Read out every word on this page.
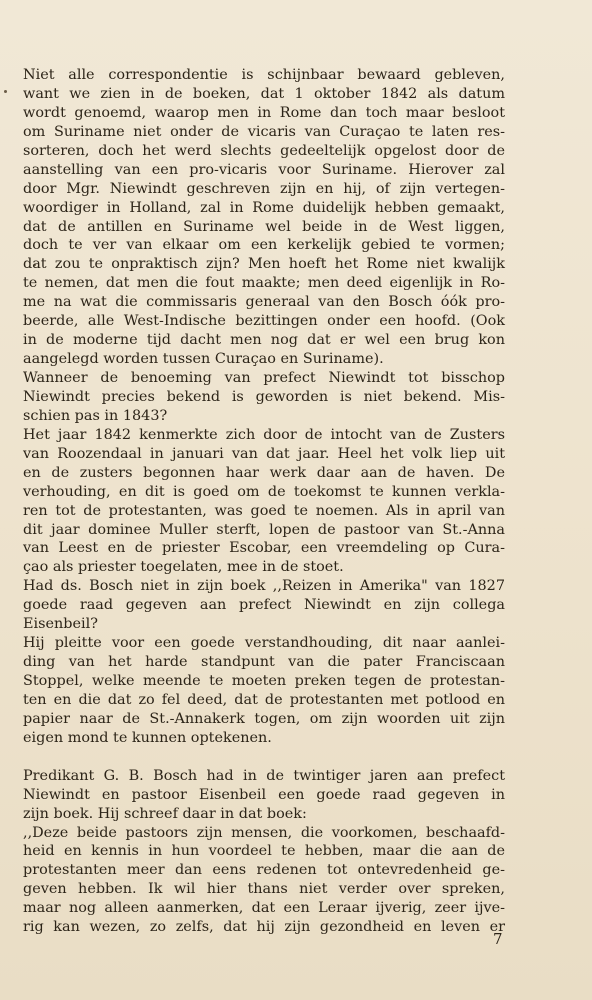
Niet alle correspondentie is schijnbaar bewaard gebleven,
want we zien in de boeken, dat 1 oktober 1842 als datum
wordt genoemd, waarop men in Rome dan toch maar besloot
om Suriname niet onder de vicaris van Curaçao te laten res-
sorteren, doch het werd slechts gedeeltelijk opgelost door de
aanstelling van een pro-vicaris voor Suriname. Hierover zal
door Mgr. Niewindt geschreven zijn en hij, of zijn vertegen-
woordiger in Holland, zal in Rome duidelijk hebben gemaakt,
dat de antillen en Suriname wel beide in de West liggen,
doch te ver van elkaar om een kerkelijk gebied te vormen;
dat zou te onpraktisch zijn? Men hoeft het Rome niet kwalijk
te nemen, dat men die fout maakte; men deed eigenlijk in Ro-
me na wat die commissaris generaal van den Bosch óók pro-
beerde, alle West-Indische bezittingen onder een hoofd. (Ook
in de moderne tijd dacht men nog dat er wel een brug kon
aangelegd worden tussen Curaçao en Suriname).
Wanneer de benoeming van prefect Niewindt tot bisschop
Niewindt precies bekend is geworden is niet bekend. Mis-
schien pas in 1843?
Het jaar 1842 kenmerkte zich door de intocht van de Zusters
van Roozendaal in januari van dat jaar. Heel het volk liep uit
en de zusters begonnen haar werk daar aan de haven. De
verhouding, en dit is goed om de toekomst te kunnen verkla-
ren tot de protestanten, was goed te noemen. Als in april van
dit jaar dominee Muller sterft, lopen de pastoor van St.-Anna
van Leest en de priester Escobar, een vreemdeling op Cura-
çao als priester toegelaten, mee in de stoet.
Had ds. Bosch niet in zijn boek ,,Reizen in Amerika" van 1827
goede raad gegeven aan prefect Niewindt en zijn collega
Eisenbeil?
Hij pleitte voor een goede verstandhouding, dit naar aanlei-
ding van het harde standpunt van die pater Franciscaan
Stoppel, welke meende te moeten preken tegen de protestan-
ten en die dat zo fel deed, dat de protestanten met potlood en
papier naar de St.-Annakerk togen, om zijn woorden uit zijn
eigen mond te kunnen optekenen.
Predikant G. B. Bosch had in de twintiger jaren aan prefect
Niewindt en pastoor Eisenbeil een goede raad gegeven in
zijn boek. Hij schreef daar in dat boek:
,,Deze beide pastoors zijn mensen, die voorkomen, beschaafd-
heid en kennis in hun voordeel te hebben, maar die aan de
protestanten meer dan eens redenen tot ontevredenheid ge-
geven hebben. Ik wil hier thans niet verder over spreken,
maar nog alleen aanmerken, dat een Leraar ijverig, zeer ijve-
rig kan wezen, zo zelfs, dat hij zijn gezondheid en leven er
7
